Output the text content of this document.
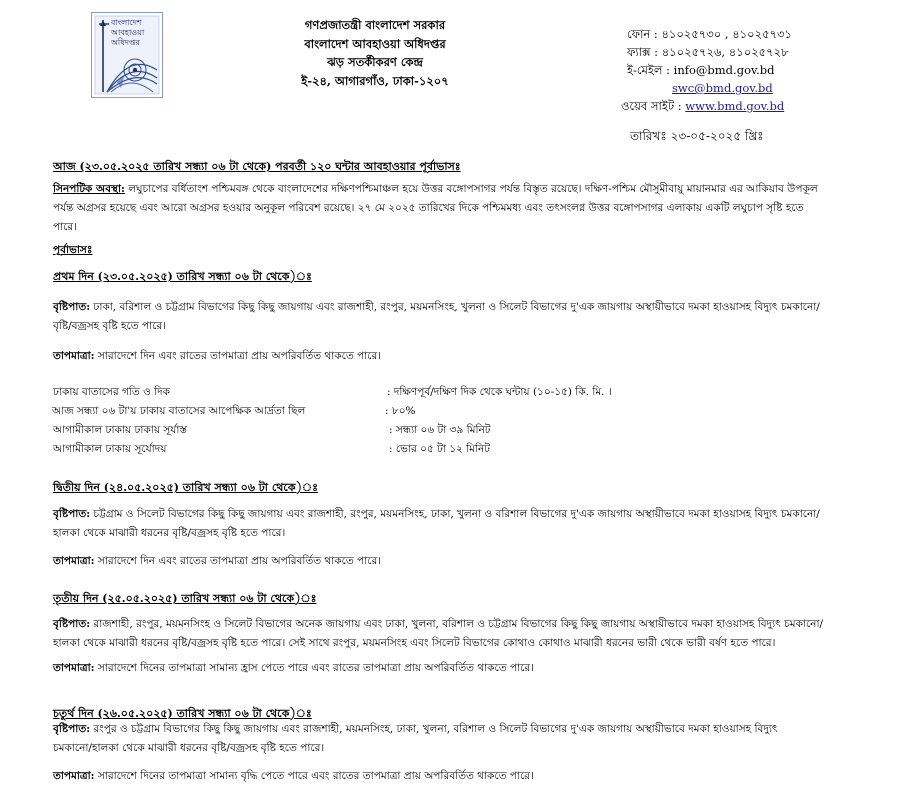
বাংলাদেশ আবহাওয়া অধিদপ্তর
গণপ্রজাতন্ত্রী বাংলাদেশ সরকার
বাংলাদেশ আবহাওয়া অধিদপ্তর
ঝড় সতর্কীকরণ কেন্দ্র
ই-২৪, আগারগাঁও, ঢাকা-১২০৭
ফোন : ৪১০২৫৭৩০ , ৪১০২৫৭৩১
ফ্যাক্স : ৪১০২৫৭২৬, ৪১০২৫৭২৮
ই-মেইল : info@bmd.gov.bd
swc@bmd.gov.bd
ওয়েব সাইট : www.bmd.gov.bd
তারিখঃ ২৩-০৫-২০২৫ খ্রিঃ
আজ (২৩.০৫.২০২৫ তারিখ সন্ধ্যা ০৬ টা থেকে) পরবর্তী ১২০ ঘন্টার আবহাওয়ার পূর্বাভাসঃ
সিনপটিক অবস্থা: লঘুচাপের বর্ধিতাংশ পশ্চিমবঙ্গ থেকে বাংলাদেশের দক্ষিণপশ্চিমাঞ্চল হয়ে উত্তর বঙ্গোপসাগর পর্যন্ত বিস্তৃত রয়েছে। দক্ষিণ-পশ্চিম মৌসুমীবায়ু মায়ানমার এর আকিয়াব উপকূল
পর্যন্ত অগ্রসর হয়েছে এবং আরো অগ্রসর হওয়ার অনুকূল পরিবেশ রয়েছে। ২৭ মে ২০২৫ তারিখের দিকে পশ্চিমমধ্য এবং তৎসংলগ্ন উত্তর বঙ্গোপসাগর এলাকায় একটি লঘুচাপ সৃষ্টি হতে
পারে।
পূর্বাভাসঃ
প্রথম দিন (২৩.০৫.২০২৫) তারিখ সন্ধ্যা ০৬ টা থেকে)ঃ
বৃষ্টিপাত: ঢাকা, বরিশাল ও চট্টগ্রাম বিভাগের কিছু কিছু জায়গায় এবং রাজশাহী, রংপুর, ময়মনসিংহ, খুলনা ও সিলেট বিভাগের দু'এক জায়গায় অস্থায়ীভাবে দমকা হাওয়াসহ বিদ্যুৎ চমকানো/
বৃষ্টি/বজ্রসহ বৃষ্টি হতে পারে।
তাপমাত্রা: সারাদেশে দিন এবং রাতের তাপমাত্রা প্রায় অপরিবর্তিত থাকতে পারে।
ঢাকায় বাতাসের গতি ও দিক	: দক্ষিণপূর্ব/দক্ষিণ দিক থেকে ঘন্টায় (১০-১৫) কি. মি. ।
আজ সন্ধ্যা ০৬ টা'য় ঢাকায় বাতাসের আপেক্ষিক আর্দ্রতা ছিল	: ৮০%
আগামীকাল ঢাকায় ঢাকায় সূর্যাস্ত	: সন্ধ্যা ০৬ টা ৩৯ মিনিট
আগামীকাল ঢাকায় সূর্যোদয়	: ভোর ০৫ টা ১২ মিনিট
দ্বিতীয় দিন (২৪.০৫.২০২৫) তারিখ সন্ধ্যা ০৬ টা থেকে)ঃ
বৃষ্টিপাত: চট্টগ্রাম ও সিলেট বিভাগের কিছু কিছু জায়গায় এবং রাজশাহী, রংপুর, ময়মনসিংহ, ঢাকা, খুলনা ও বরিশাল বিভাগের দু'এক জায়গায় অস্থায়ীভাবে দমকা হাওয়াসহ বিদ্যুৎ চমকানো/
হালকা থেকে মাঝারী ধরনের বৃষ্টি/বজ্রসহ বৃষ্টি হতে পারে।
তাপমাত্রা: সারাদেশে দিন এবং রাতের তাপমাত্রা প্রায় অপরিবর্তিত থাকতে পারে।
তৃতীয় দিন (২৫.০৫.২০২৫) তারিখ সন্ধ্যা ০৬ টা থেকে)ঃ
বৃষ্টিপাত: রাজশাহী, রংপুর, ময়মনসিংহ ও সিলেট বিভাগের অনেক জায়গায় এবং ঢাকা, খুলনা, বরিশাল ও চট্টগ্রাম বিভাগের কিছু কিছু জায়গায় অস্থায়ীভাবে দমকা হাওয়াসহ বিদ্যুৎ চমকানো/
হালকা থেকে মাঝারী ধরনের বৃষ্টি/বজ্রসহ বৃষ্টি হতে পারে। সেই সাথে রংপুর, ময়মনসিংহ এবং সিলেট বিভাগের কোথাও কোথাও মাঝারী ধরনের ভারী থেকে ভারী বর্ষণ হতে পারে।
তাপমাত্রা: সারাদেশে দিনের তাপমাত্রা সামান্য হ্রাস পেতে পারে এবং রাতের তাপমাত্রা প্রায় অপরিবর্তিত থাকতে পারে।
চতুর্থ দিন (২৬.০৫.২০২৫) তারিখ সন্ধ্যা ০৬ টা থেকে)ঃ
বৃষ্টিপাত: রংপুর ও চট্টগ্রাম বিভাগের কিছু কিছু জায়গায় এবং রাজশাহী, ময়মনসিংহ, ঢাকা, খুলনা, বরিশাল ও সিলেট বিভাগের দু'এক জায়গায় অস্থায়ীভাবে দমকা হাওয়াসহ বিদ্যুৎ
চমকানো/হালকা থেকে মাঝারী ধরনের বৃষ্টি/বজ্রসহ বৃষ্টি হতে পারে।
তাপমাত্রা: সারাদেশে দিনের তাপমাত্রা সামান্য বৃদ্ধি পেতে পারে এবং রাতের তাপমাত্রা প্রায় অপরিবর্তিত থাকতে পারে।
